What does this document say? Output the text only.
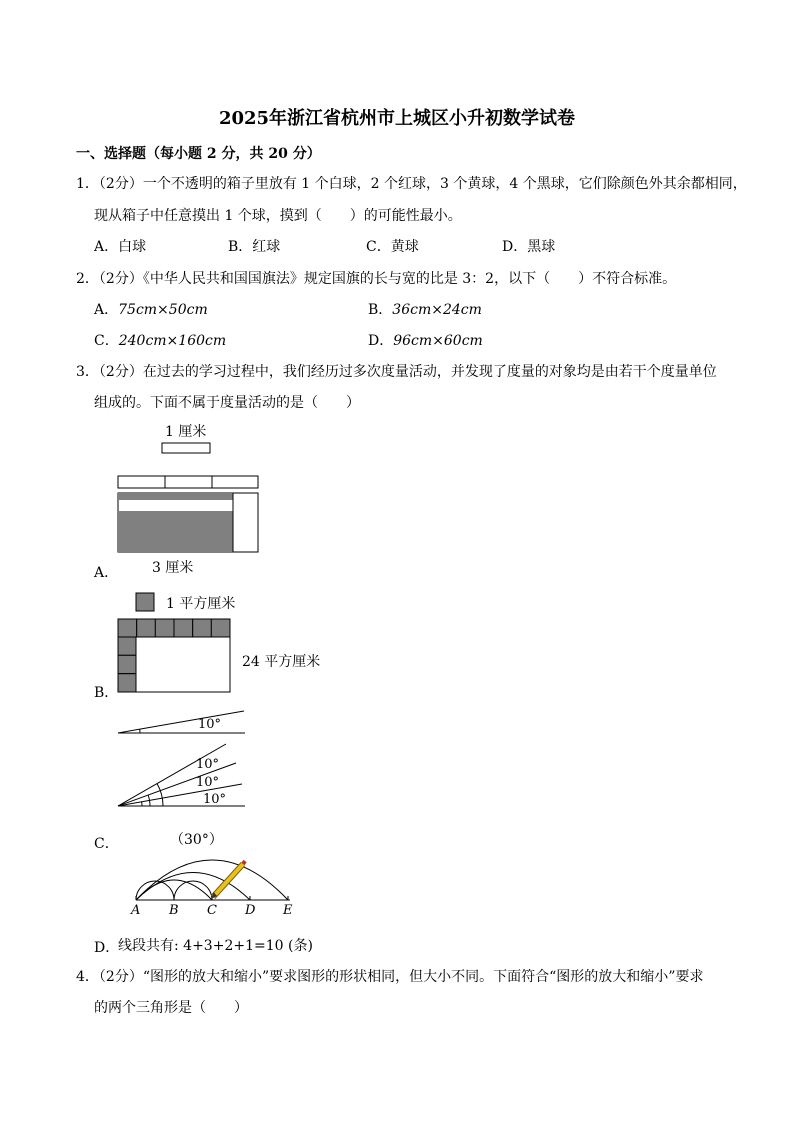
2025年浙江省杭州市上城区小升初数学试卷
一、选择题（每小题 2 分，共 20 分）
1．（2分）一个不透明的箱子里放有 1 个白球，2 个红球，3 个黄球，4 个黑球，它们除颜色外其余都相同，
现从箱子中任意摸出 1 个球，摸到（　　）的可能性最小。
A．白球	B．红球	C．黄球	D．黑球
2．（2分）《中华人民共和国国旗法》规定国旗的长与宽的比是 3：2，以下（　　）不符合标准。
A．75cm×50cm	B．36cm×24cm
C．240cm×160cm	D．96cm×60cm
3．（2分）在过去的学习过程中，我们经历过多次度量活动，并发现了度量的对象均是由若干个度量单位
组成的。下面不属于度量活动的是（　　）
1 厘米
3 厘米
A．
1 平方厘米
24 平方厘米
B．
10°
10°
10°
10°
C．	（30°）
A B C D E
D．
线段共有: 4+3+2+1=10 (条)
4．（2分）“图形的放大和缩小”要求图形的形状相同，但大小不同。下面符合“图形的放大和缩小”要求
的两个三角形是（　　）
